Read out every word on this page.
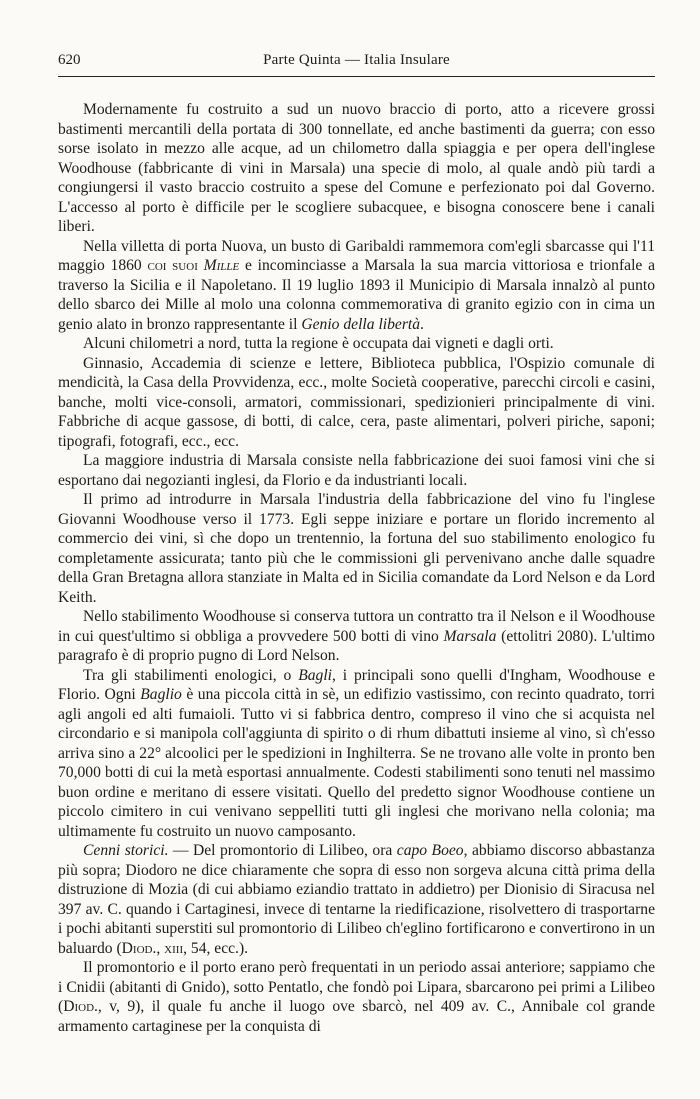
620	Parte Quinta — Italia Insulare

Modernamente fu costruito a sud un nuovo braccio di porto, atto a ricevere grossi bastimenti mercantili della portata di 300 tonnellate, ed anche bastimenti da guerra; con esso sorse isolato in mezzo alle acque, ad un chilometro dalla spiaggia e per opera dell'inglese Woodhouse (fabbricante di vini in Marsala) una specie di molo, al quale andò più tardi a congiungersi il vasto braccio costruito a spese del Comune e perfezionato poi dal Governo. L'accesso al porto è difficile per le scogliere subacquee, e bisogna conoscere bene i canali liberi.

Nella villetta di porta Nuova, un busto di Garibaldi rammemora com'egli sbarcasse qui l'11 maggio 1860 coi suoi Mille e incominciasse a Marsala la sua marcia vittoriosa e trionfale a traverso la Sicilia e il Napoletano. Il 19 luglio 1893 il Municipio di Marsala innalzò al punto dello sbarco dei Mille al molo una colonna commemorativa di granito egizio con in cima un genio alato in bronzo rappresentante il Genio della libertà.

Alcuni chilometri a nord, tutta la regione è occupata dai vigneti e dagli orti.

Ginnasio, Accademia di scienze e lettere, Biblioteca pubblica, l'Ospizio comunale di mendicità, la Casa della Provvidenza, ecc., molte Società cooperative, parecchi circoli e casini, banche, molti vice-consoli, armatori, commissionari, spedizionieri principalmente di vini. Fabbriche di acque gassose, di botti, di calce, cera, paste alimentari, polveri piriche, saponi; tipografi, fotografi, ecc., ecc.

La maggiore industria di Marsala consiste nella fabbricazione dei suoi famosi vini che si esportano dai negozianti inglesi, da Florio e da industrianti locali.

Il primo ad introdurre in Marsala l'industria della fabbricazione del vino fu l'inglese Giovanni Woodhouse verso il 1773. Egli seppe iniziare e portare un florido incremento al commercio dei vini, sì che dopo un trentennio, la fortuna del suo stabilimento enologico fu completamente assicurata; tanto più che le commissioni gli pervenivano anche dalle squadre della Gran Bretagna allora stanziate in Malta ed in Sicilia comandate da Lord Nelson e da Lord Keith.

Nello stabilimento Woodhouse si conserva tuttora un contratto tra il Nelson e il Woodhouse in cui quest'ultimo si obbliga a provvedere 500 botti di vino Marsala (ettolitri 2080). L'ultimo paragrafo è di proprio pugno di Lord Nelson.

Tra gli stabilimenti enologici, o Bagli, i principali sono quelli d'Ingham, Woodhouse e Florio. Ogni Baglio è una piccola città in sè, un edifizio vastissimo, con recinto quadrato, torri agli angoli ed alti fumaioli. Tutto vi si fabbrica dentro, compreso il vino che si acquista nel circondario e si manipola coll'aggiunta di spirito o di rhum dibattuti insieme al vino, sì ch'esso arriva sino a 22° alcoolici per le spedizioni in Inghilterra. Se ne trovano alle volte in pronto ben 70,000 botti di cui la metà esportasi annualmente. Codesti stabilimenti sono tenuti nel massimo buon ordine e meritano di essere visitati. Quello del predetto signor Woodhouse contiene un piccolo cimitero in cui venivano seppelliti tutti gli inglesi che morivano nella colonia; ma ultimamente fu costruito un nuovo camposanto.

Cenni storici. — Del promontorio di Lilibeo, ora capo Boeo, abbiamo discorso abbastanza più sopra; Diodoro ne dice chiaramente che sopra di esso non sorgeva alcuna città prima della distruzione di Mozia (di cui abbiamo eziandio trattato in addietro) per Dionisio di Siracusa nel 397 av. C. quando i Cartaginesi, invece di tentarne la riedificazione, risolvettero di trasportarne i pochi abitanti superstiti sul promontorio di Lilibeo ch'eglino fortificarono e convertirono in un baluardo (Diod., xiii, 54, ecc.).

Il promontorio e il porto erano però frequentati in un periodo assai anteriore; sappiamo che i Cnidii (abitanti di Gnido), sotto Pentatlo, che fondò poi Lipara, sbarcarono pei primi a Lilibeo (Diod., v, 9), il quale fu anche il luogo ove sbarcò, nel 409 av. C., Annibale col grande armamento cartaginese per la conquista di
